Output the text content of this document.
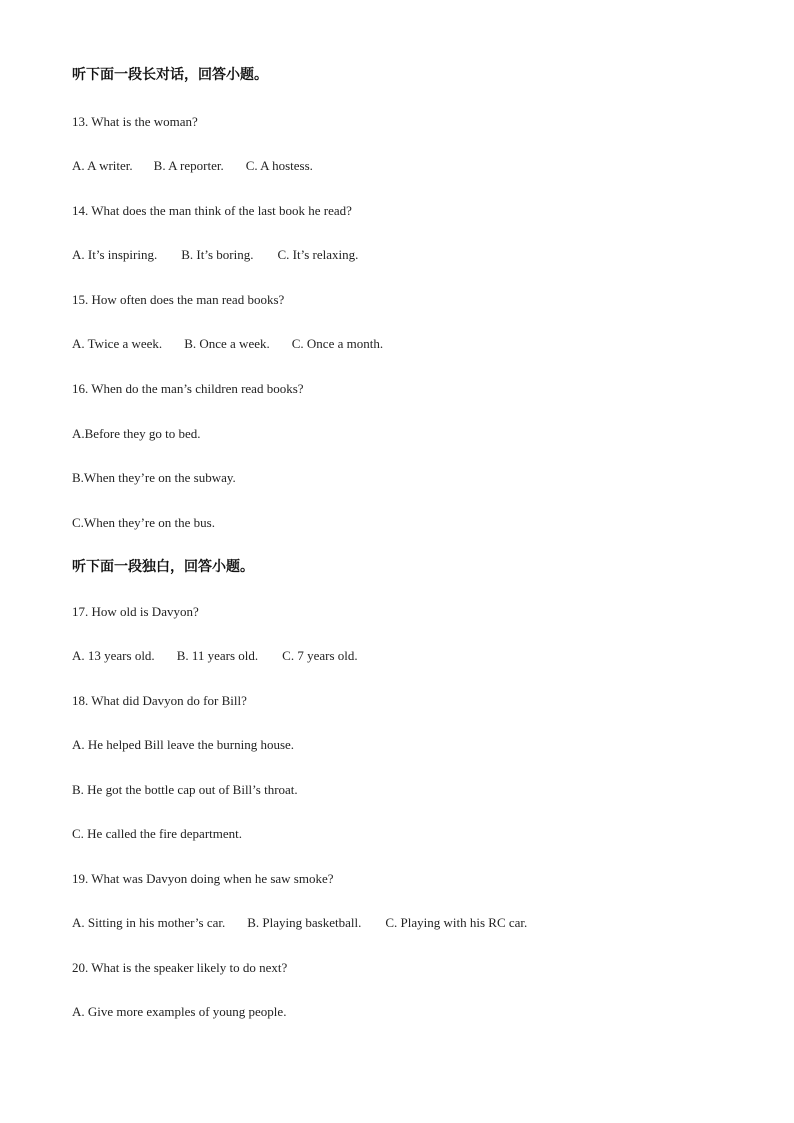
听下面一段长对话，回答小题。
13. What is the woman?
A. A writer. B. A reporter. C. A hostess.
14. What does the man think of the last book he read?
A. It’s inspiring. B. It’s boring. C. It’s relaxing.
15. How often does the man read books?
A. Twice a week. B. Once a week. C. Once a month.
16. When do the man’s children read books?
A.Before they go to bed.
B.When they’re on the subway.
C.When they’re on the bus.
听下面一段独白，回答小题。
17. How old is Davyon?
A. 13 years old. B. 11 years old. C. 7 years old.
18. What did Davyon do for Bill?
A. He helped Bill leave the burning house.
B. He got the bottle cap out of Bill’s throat.
C. He called the fire department.
19. What was Davyon doing when he saw smoke?
A. Sitting in his mother’s car. B. Playing basketball. C. Playing with his RC car.
20. What is the speaker likely to do next?
A. Give more examples of young people.
